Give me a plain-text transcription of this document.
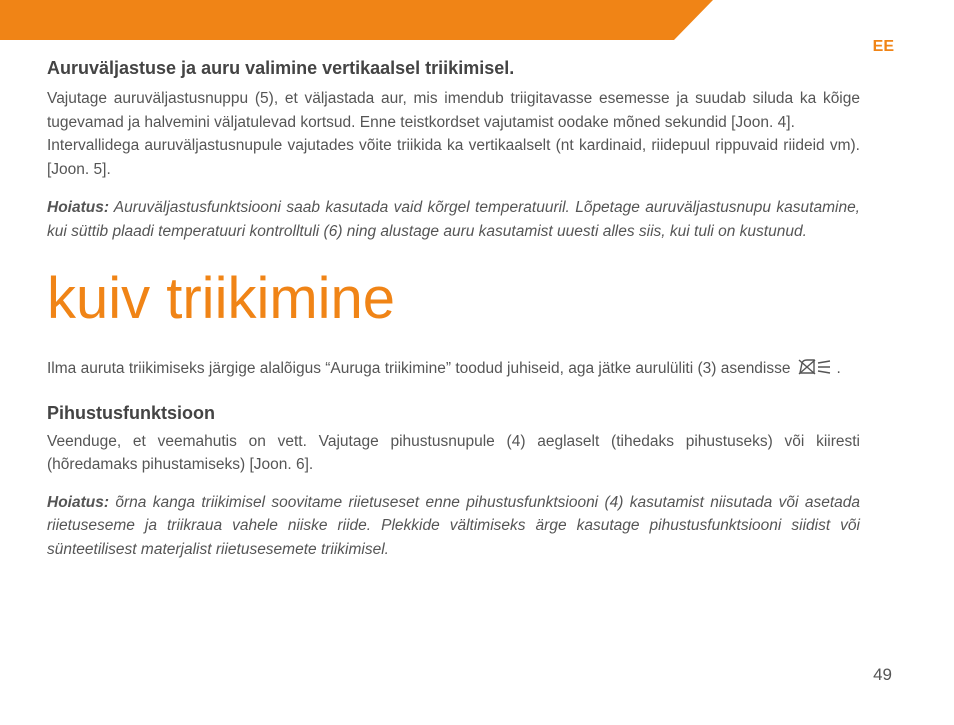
EE
Auruväljastuse ja auru valimine vertikaalsel triikimisel.

Vajutage auruväljastusnuppu (5), et väljastada aur, mis imendub triigitavasse esemesse ja suudab siluda ka kõige tugevamad ja halvemini väljatulevad kortsud. Enne teistkordset vajutamist oodake mõned sekundid [Joon. 4].

Intervallidega auruväljastusnupule vajutades võite triikida ka vertikaalselt (nt kardinaid, riidepuul rippuvaid riideid vm). [Joon. 5].

Hoiatus: Auruväljastusfunktsiooni saab kasutada vaid kõrgel temperatuuril. Lõpetage auruväljastusnupu kasutamine, kui süttib plaadi temperatuuri kontrolltuli (6) ning alustage auru kasutamist uuesti alles siis, kui tuli on kustunud.
kuiv triikimine

Ilma auruta triikimiseks järgige alalõigus “Auruga triikimine” toodud juhiseid, aga jätke aurulüliti (3) asendisse	.

Pihustusfunktsioon

Veenduge, et veemahutis on vett. Vajutage pihustusnupule (4) aeglaselt (tihedaks pihustuseks) või kiiresti (hõredamaks pihustamiseks) [Joon. 6].

Hoiatus: õrna kanga triikimisel soovitame riietuseset enne pihustusfunktsiooni (4) kasutamist niisutada või asetada riietuseseme ja triikraua vahele niiske riide. Plekkide vältimiseks ärge kasutage pihustusfunktsiooni siidist või sünteetilisest materjalist riietusesemete triikimisel.
49
